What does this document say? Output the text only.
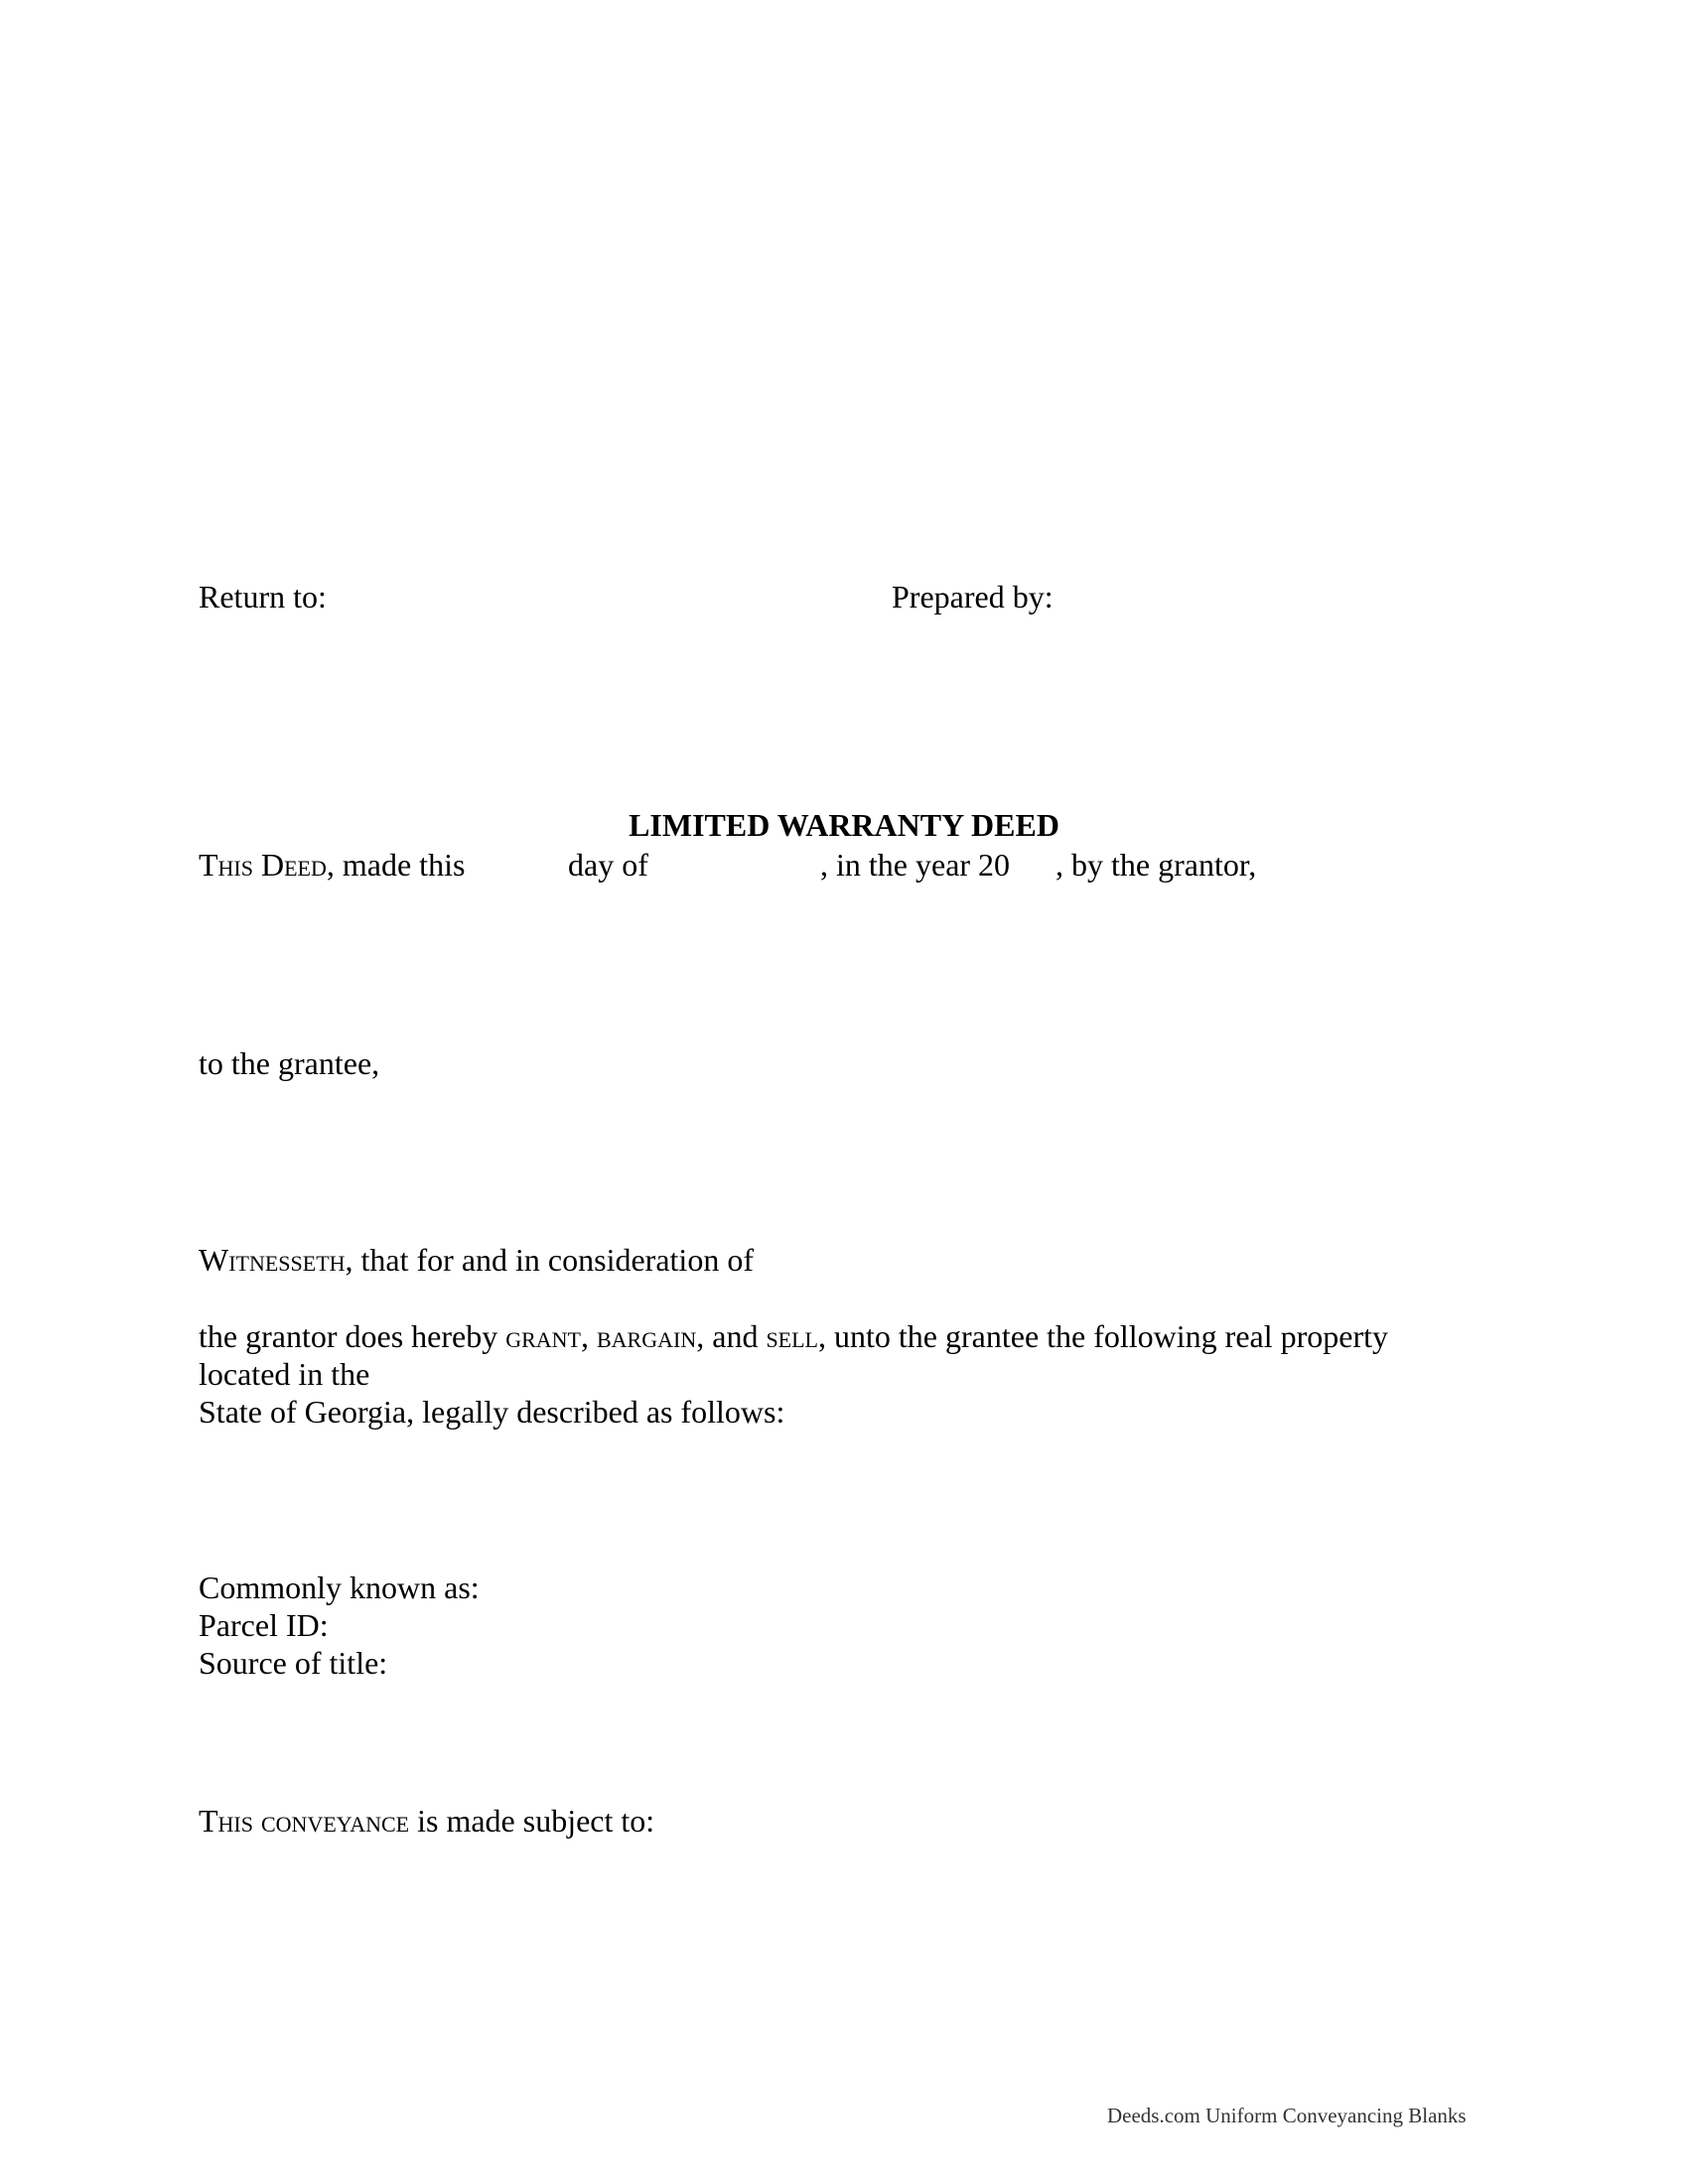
Return to:	Prepared by:
LIMITED WARRANTY DEED
This Deed, made this	day of	, in the year 20 , by the grantor,
to the grantee,
Witnesseth, that for and in consideration of
the grantor does hereby grant, bargain, and sell, unto the grantee the following real property
located in the
State of Georgia, legally described as follows:
Commonly known as:
Parcel ID:
Source of title:
This conveyance is made subject to:
Deeds.com Uniform Conveyancing Blanks
